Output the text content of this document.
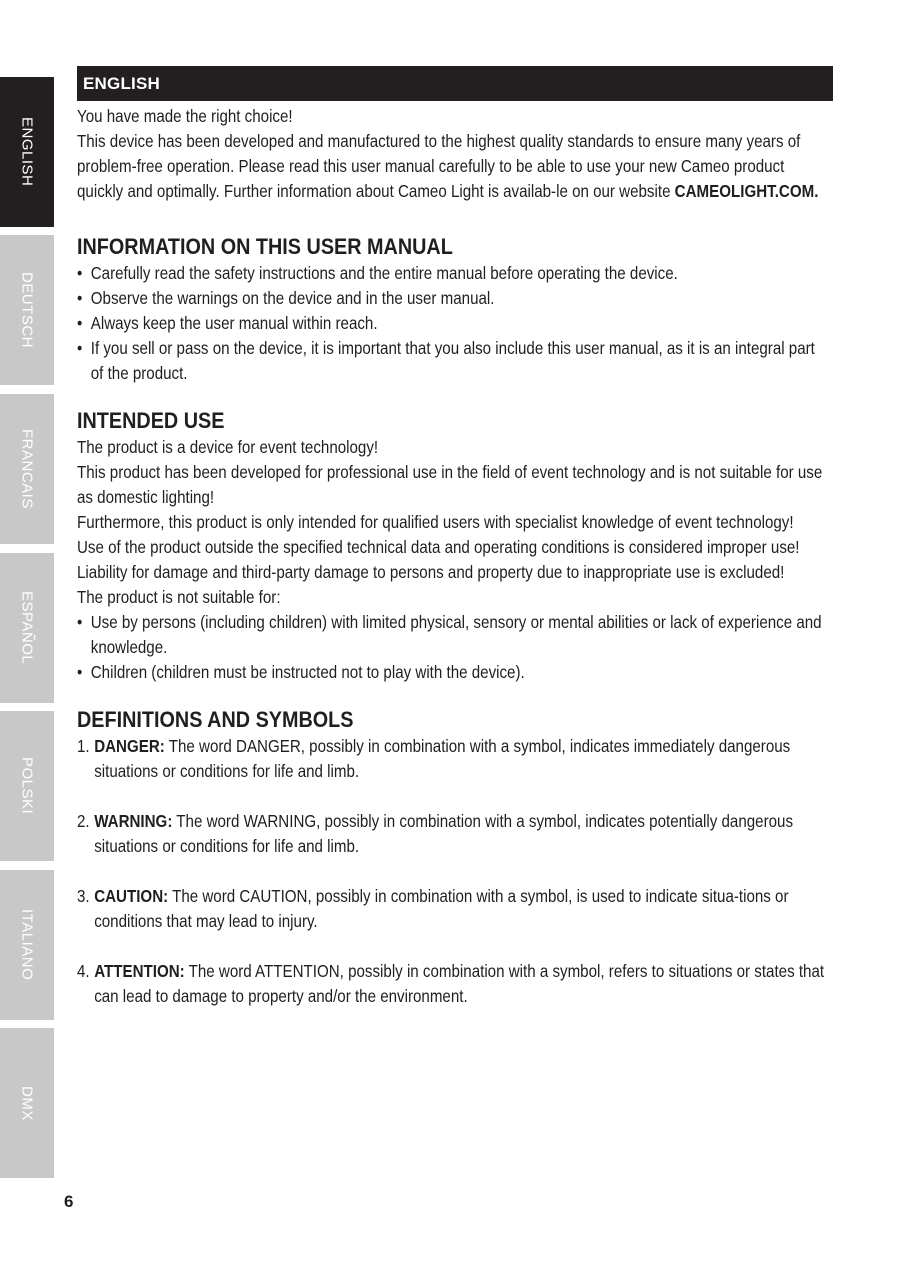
ENGLISH
DEUTSCH
FRANCAIS
ESPAÑOL
POLSKI
ITALIANO
DMX
ENGLISH

You have made the right choice!

This device has been developed and manufactured to the highest quality standards to ensure many years of problem-free operation. Please read this user manual carefully to be able to use your new Cameo product quickly and optimally. Further information about Cameo Light is availab-le on our website CAMEOLIGHT.COM.

INFORMATION ON THIS USER MANUAL
• Carefully read the safety instructions and the entire manual before operating the device.
• Observe the warnings on the device and in the user manual.
• Always keep the user manual within reach.
• If you sell or pass on the device, it is important that you also include this user manual, as it is an integral part of the product.
INTENDED USE

The product is a device for event technology!

This product has been developed for professional use in the field of event technology and is not suitable for use as domestic lighting!

Furthermore, this product is only intended for qualified users with specialist knowledge of event technology!

Use of the product outside the specified technical data and operating conditions is considered improper use!

Liability for damage and third-party damage to persons and property due to inappropriate use is excluded!

The product is not suitable for:

• Use by persons (including children) with limited physical, sensory or mental abilities or lack of experience and knowledge.
• Children (children must be instructed not to play with the device).
DEFINITIONS AND SYMBOLS
1. DANGER: The word DANGER, possibly in combination with a symbol, indicates immediately dangerous situations or conditions for life and limb.
2. WARNING: The word WARNING, possibly in combination with a symbol, indicates potentially dangerous situations or conditions for life and limb.
3. CAUTION: The word CAUTION, possibly in combination with a symbol, is used to indicate situa-tions or conditions that may lead to injury.
4. ATTENTION: The word ATTENTION, possibly in combination with a symbol, refers to situations or states that can lead to damage to property and/or the environment.
6
